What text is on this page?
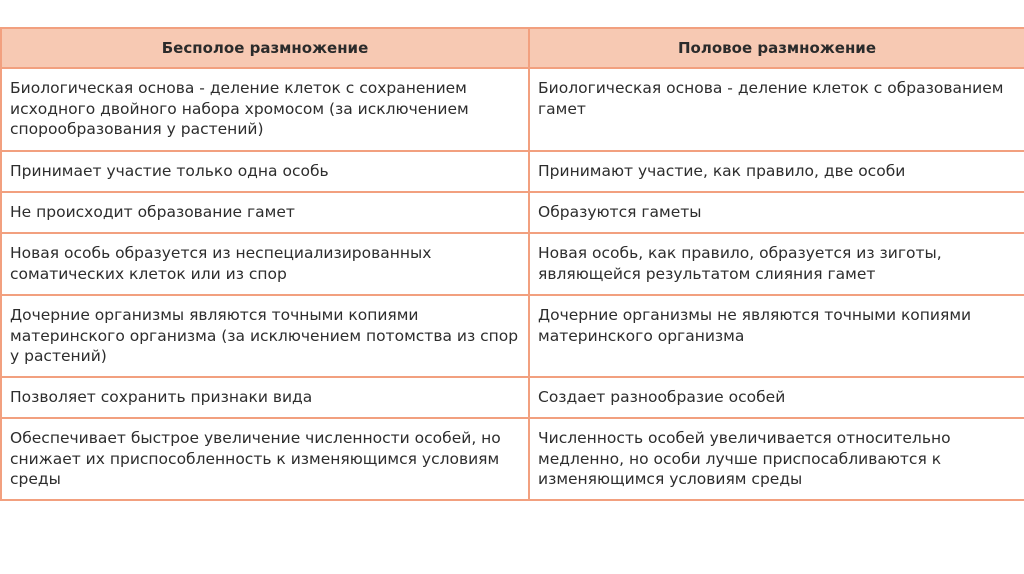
Бесполое размножение	Половое размножение
Биологическая основа - деление клеток с сохранением исходного двойного набора хромосом (за исключением спорообразования у растений)	Биологическая основа - деление клеток с образованием гамет
Принимает участие только одна особь	Принимают участие, как правило, две особи
Не происходит образование гамет	Образуются гаметы
Новая особь образуется из неспециализированных соматических клеток или из спор	Новая особь, как правило, образуется из зиготы, являющейся результатом слияния гамет
Дочерние организмы являются точными копиями материнского организма (за исключением потомства из спор у растений)	Дочерние организмы не являются точными копиями материнского организма
Позволяет сохранить признаки вида	Создает разнообразие особей
Обеспечивает быстрое увеличение численности особей, но снижает их приспособленность к изменяющимся условиям среды	Численность особей увеличивается относительно медленно, но особи лучше приспосабливаются к изменяющимся условиям среды
